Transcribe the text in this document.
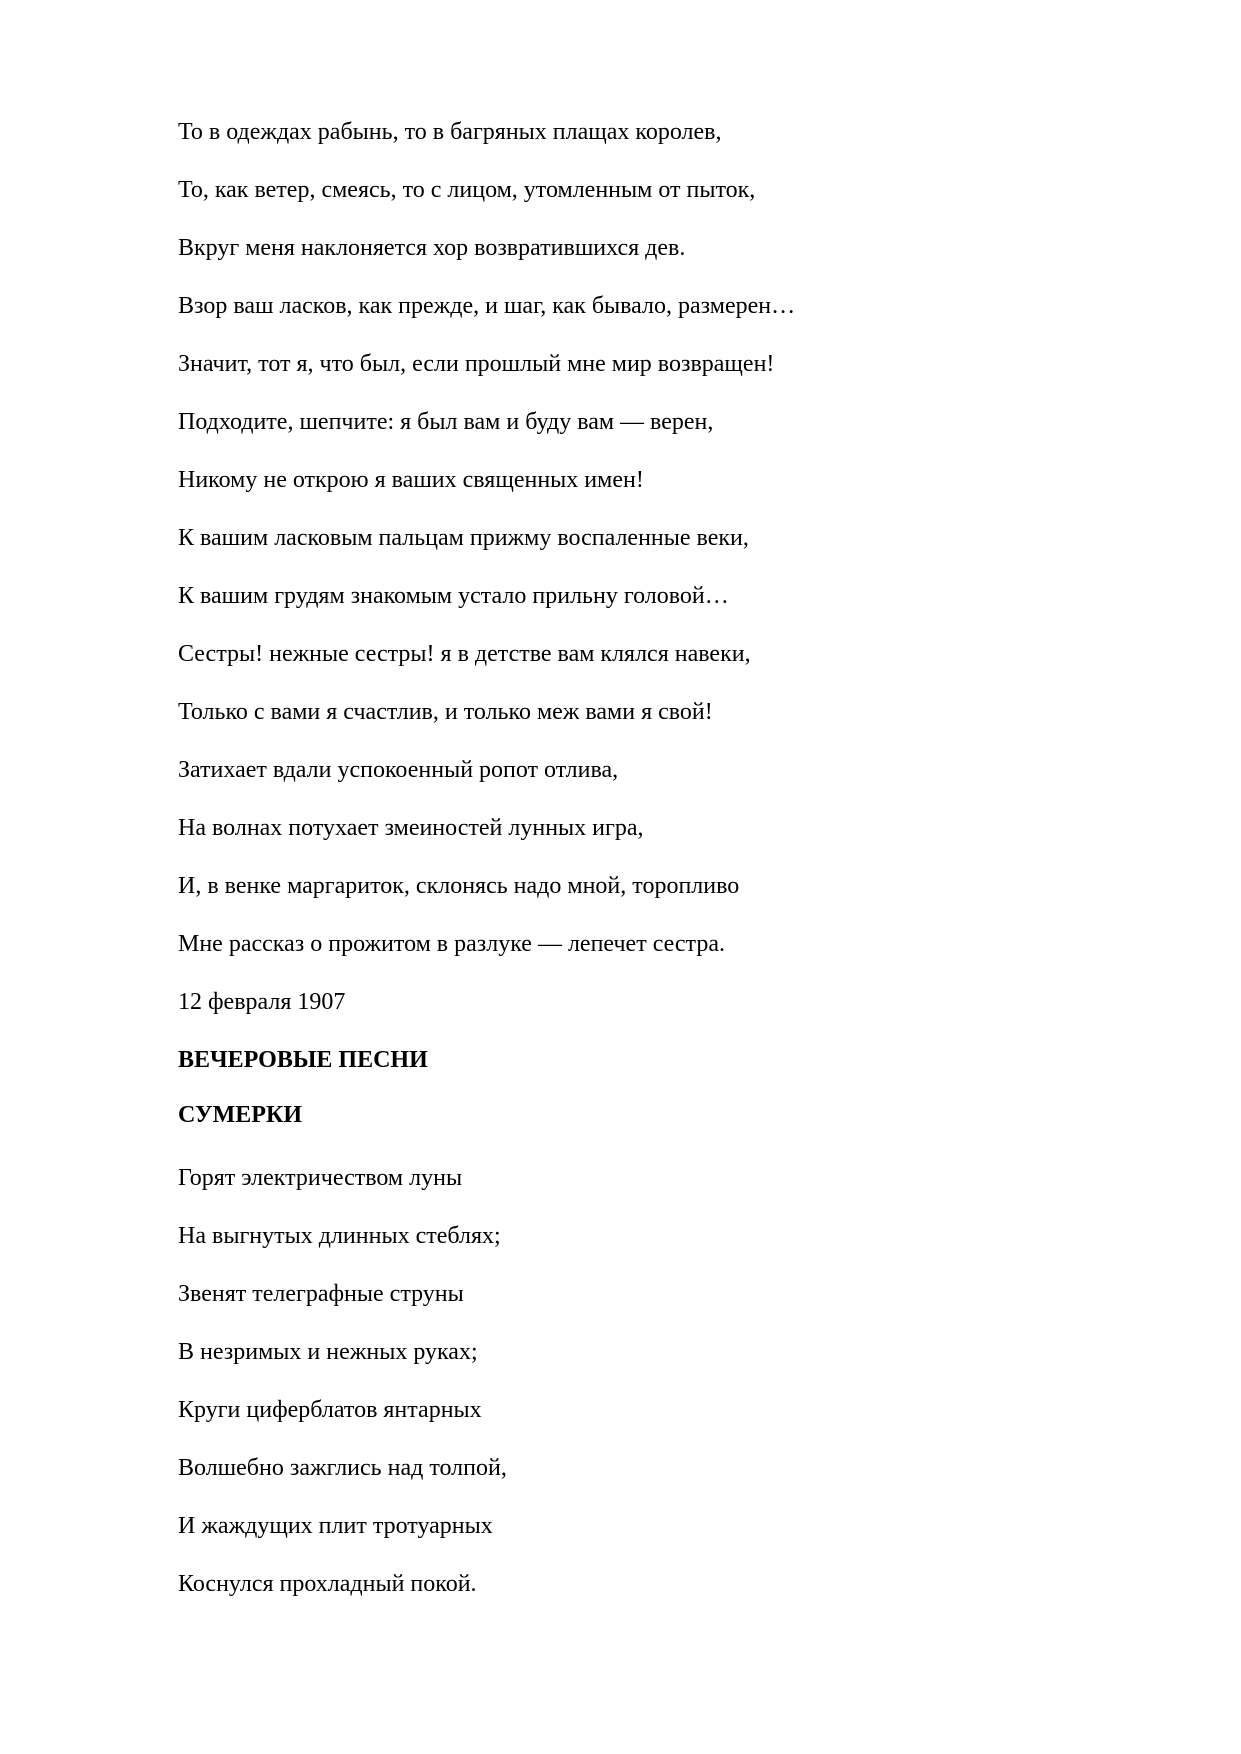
То в одеждах рабынь, то в багряных плащах королев,
То, как ветер, смеясь, то с лицом, утомленным от пыток,
Вкруг меня наклоняется хор возвратившихся дев.
Взор ваш ласков, как прежде, и шаг, как бывало, размерен…
Значит, тот я, что был, если прошлый мне мир возвращен!
Подходите, шепчите: я был вам и буду вам — верен,
Никому не открою я ваших священных имен!
К вашим ласковым пальцам прижму воспаленные веки,
К вашим грудям знакомым устало прильну головой…
Сестры! нежные сестры! я в детстве вам клялся навеки,
Только с вами я счастлив, и только меж вами я свой!
Затихает вдали успокоенный ропот отлива,
На волнах потухает змеиностей лунных игра,
И, в венке маргариток, склонясь надо мной, торопливо
Мне рассказ о прожитом в разлуке — лепечет сестра.
12 февраля 1907
ВЕЧЕРОВЫЕ ПЕСНИ
СУМЕРКИ
Горят электричеством луны
На выгнутых длинных стеблях;
Звенят телеграфные струны
В незримых и нежных руках;
Круги циферблатов янтарных
Волшебно зажглись над толпой,
И жаждущих плит тротуарных
Коснулся прохладный покой.
